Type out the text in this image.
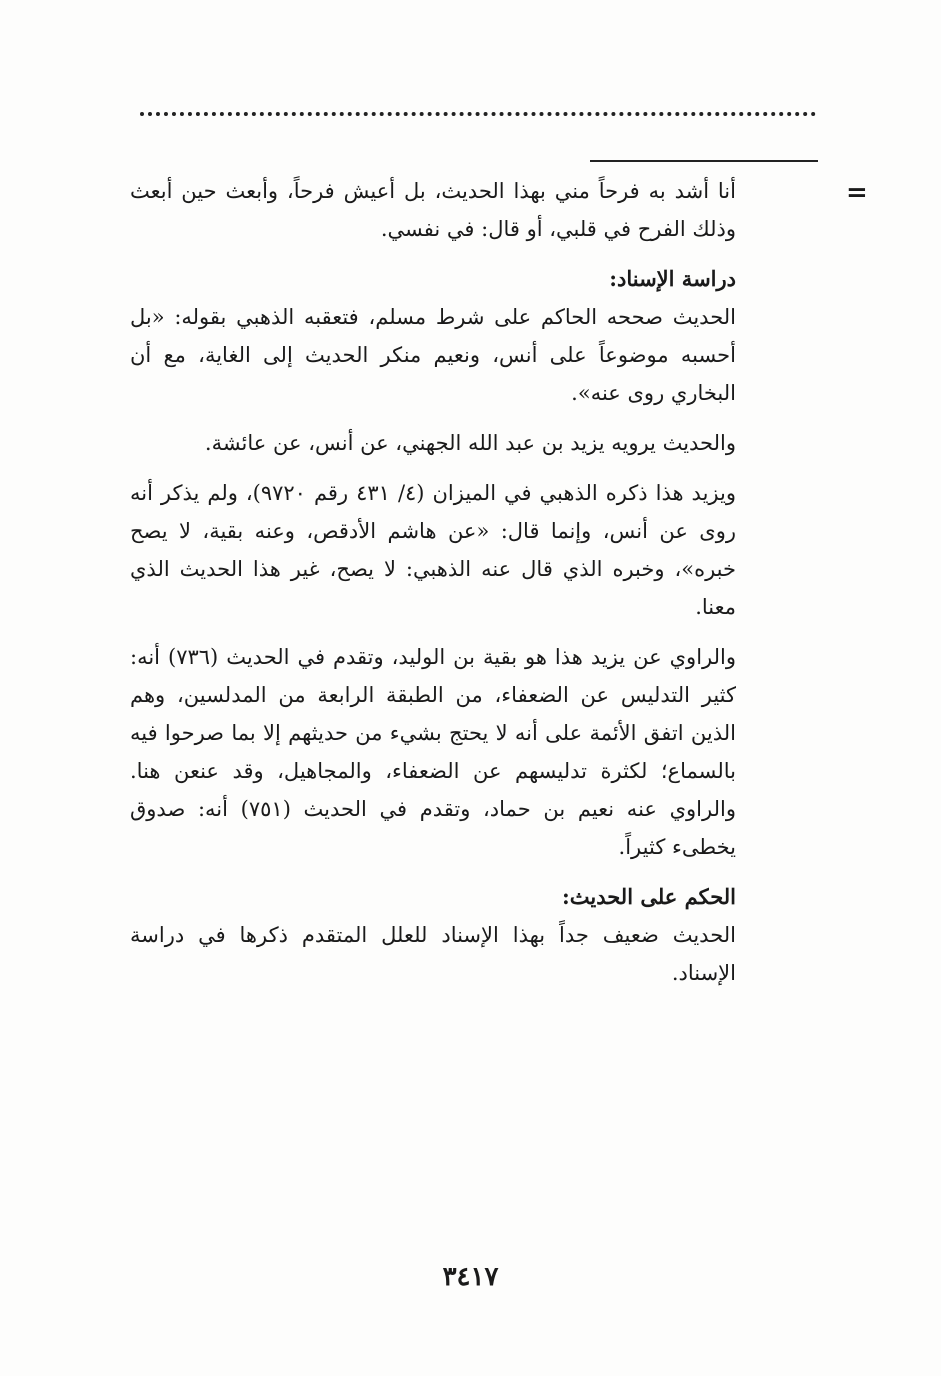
=

أنا أشد به فرحاً مني بهذا الحديث، بل أعيش فرحاً، وأبعث حين أبعث وذلك الفرح في قلبي، أو قال: في نفسي.

دراسة الإسناد:

الحديث صححه الحاكم على شرط مسلم، فتعقبه الذهبي بقوله: «بل أحسبه موضوعاً على أنس، ونعيم منكر الحديث إلى الغاية، مع أن البخاري روى عنه».

والحديث يرويه يزيد بن عبد الله الجهني، عن أنس، عن عائشة.

ويزيد هذا ذكره الذهبي في الميزان (٤/ ٤٣١ رقم ٩٧٢٠)، ولم يذكر أنه روى عن أنس، وإنما قال: «عن هاشم الأدقص، وعنه بقية، لا يصح خبره»، وخبره الذي قال عنه الذهبي: لا يصح، غير هذا الحديث الذي معنا.

والراوي عن يزيد هذا هو بقية بن الوليد، وتقدم في الحديث (٧٣٦) أنه: كثير التدليس عن الضعفاء، من الطبقة الرابعة من المدلسين، وهم الذين اتفق الأئمة على أنه لا يحتج بشيء من حديثهم إلا بما صرحوا فيه بالسماع؛ لكثرة تدليسهم عن الضعفاء، والمجاهيل، وقد عنعن هنا. والراوي عنه نعيم بن حماد، وتقدم في الحديث (٧٥١) أنه: صدوق يخطىء كثيراً.

الحكم على الحديث:

الحديث ضعيف جداً بهذا الإسناد للعلل المتقدم ذكرها في دراسة الإسناد.

٣٤١٧
